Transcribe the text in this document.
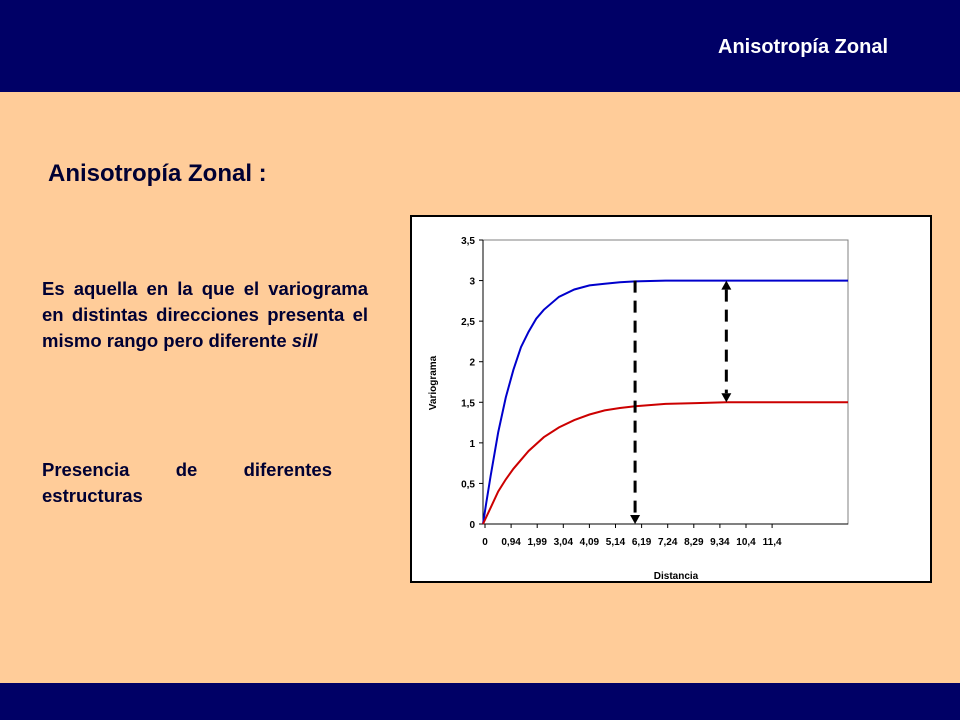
Anisotropía Zonal
Anisotropía Zonal :
Es aquella en la que el variograma en distintas direcciones presenta el mismo rango pero diferente sill
Presencia de diferentes estructuras
0
0,5
1
1,5
2
2,5
3
3,5
0 0,94 1,99 3,04 4,09 5,14 6,19 7,24 8,29 9,34 10,4 11,4
Variograma
Distancia
